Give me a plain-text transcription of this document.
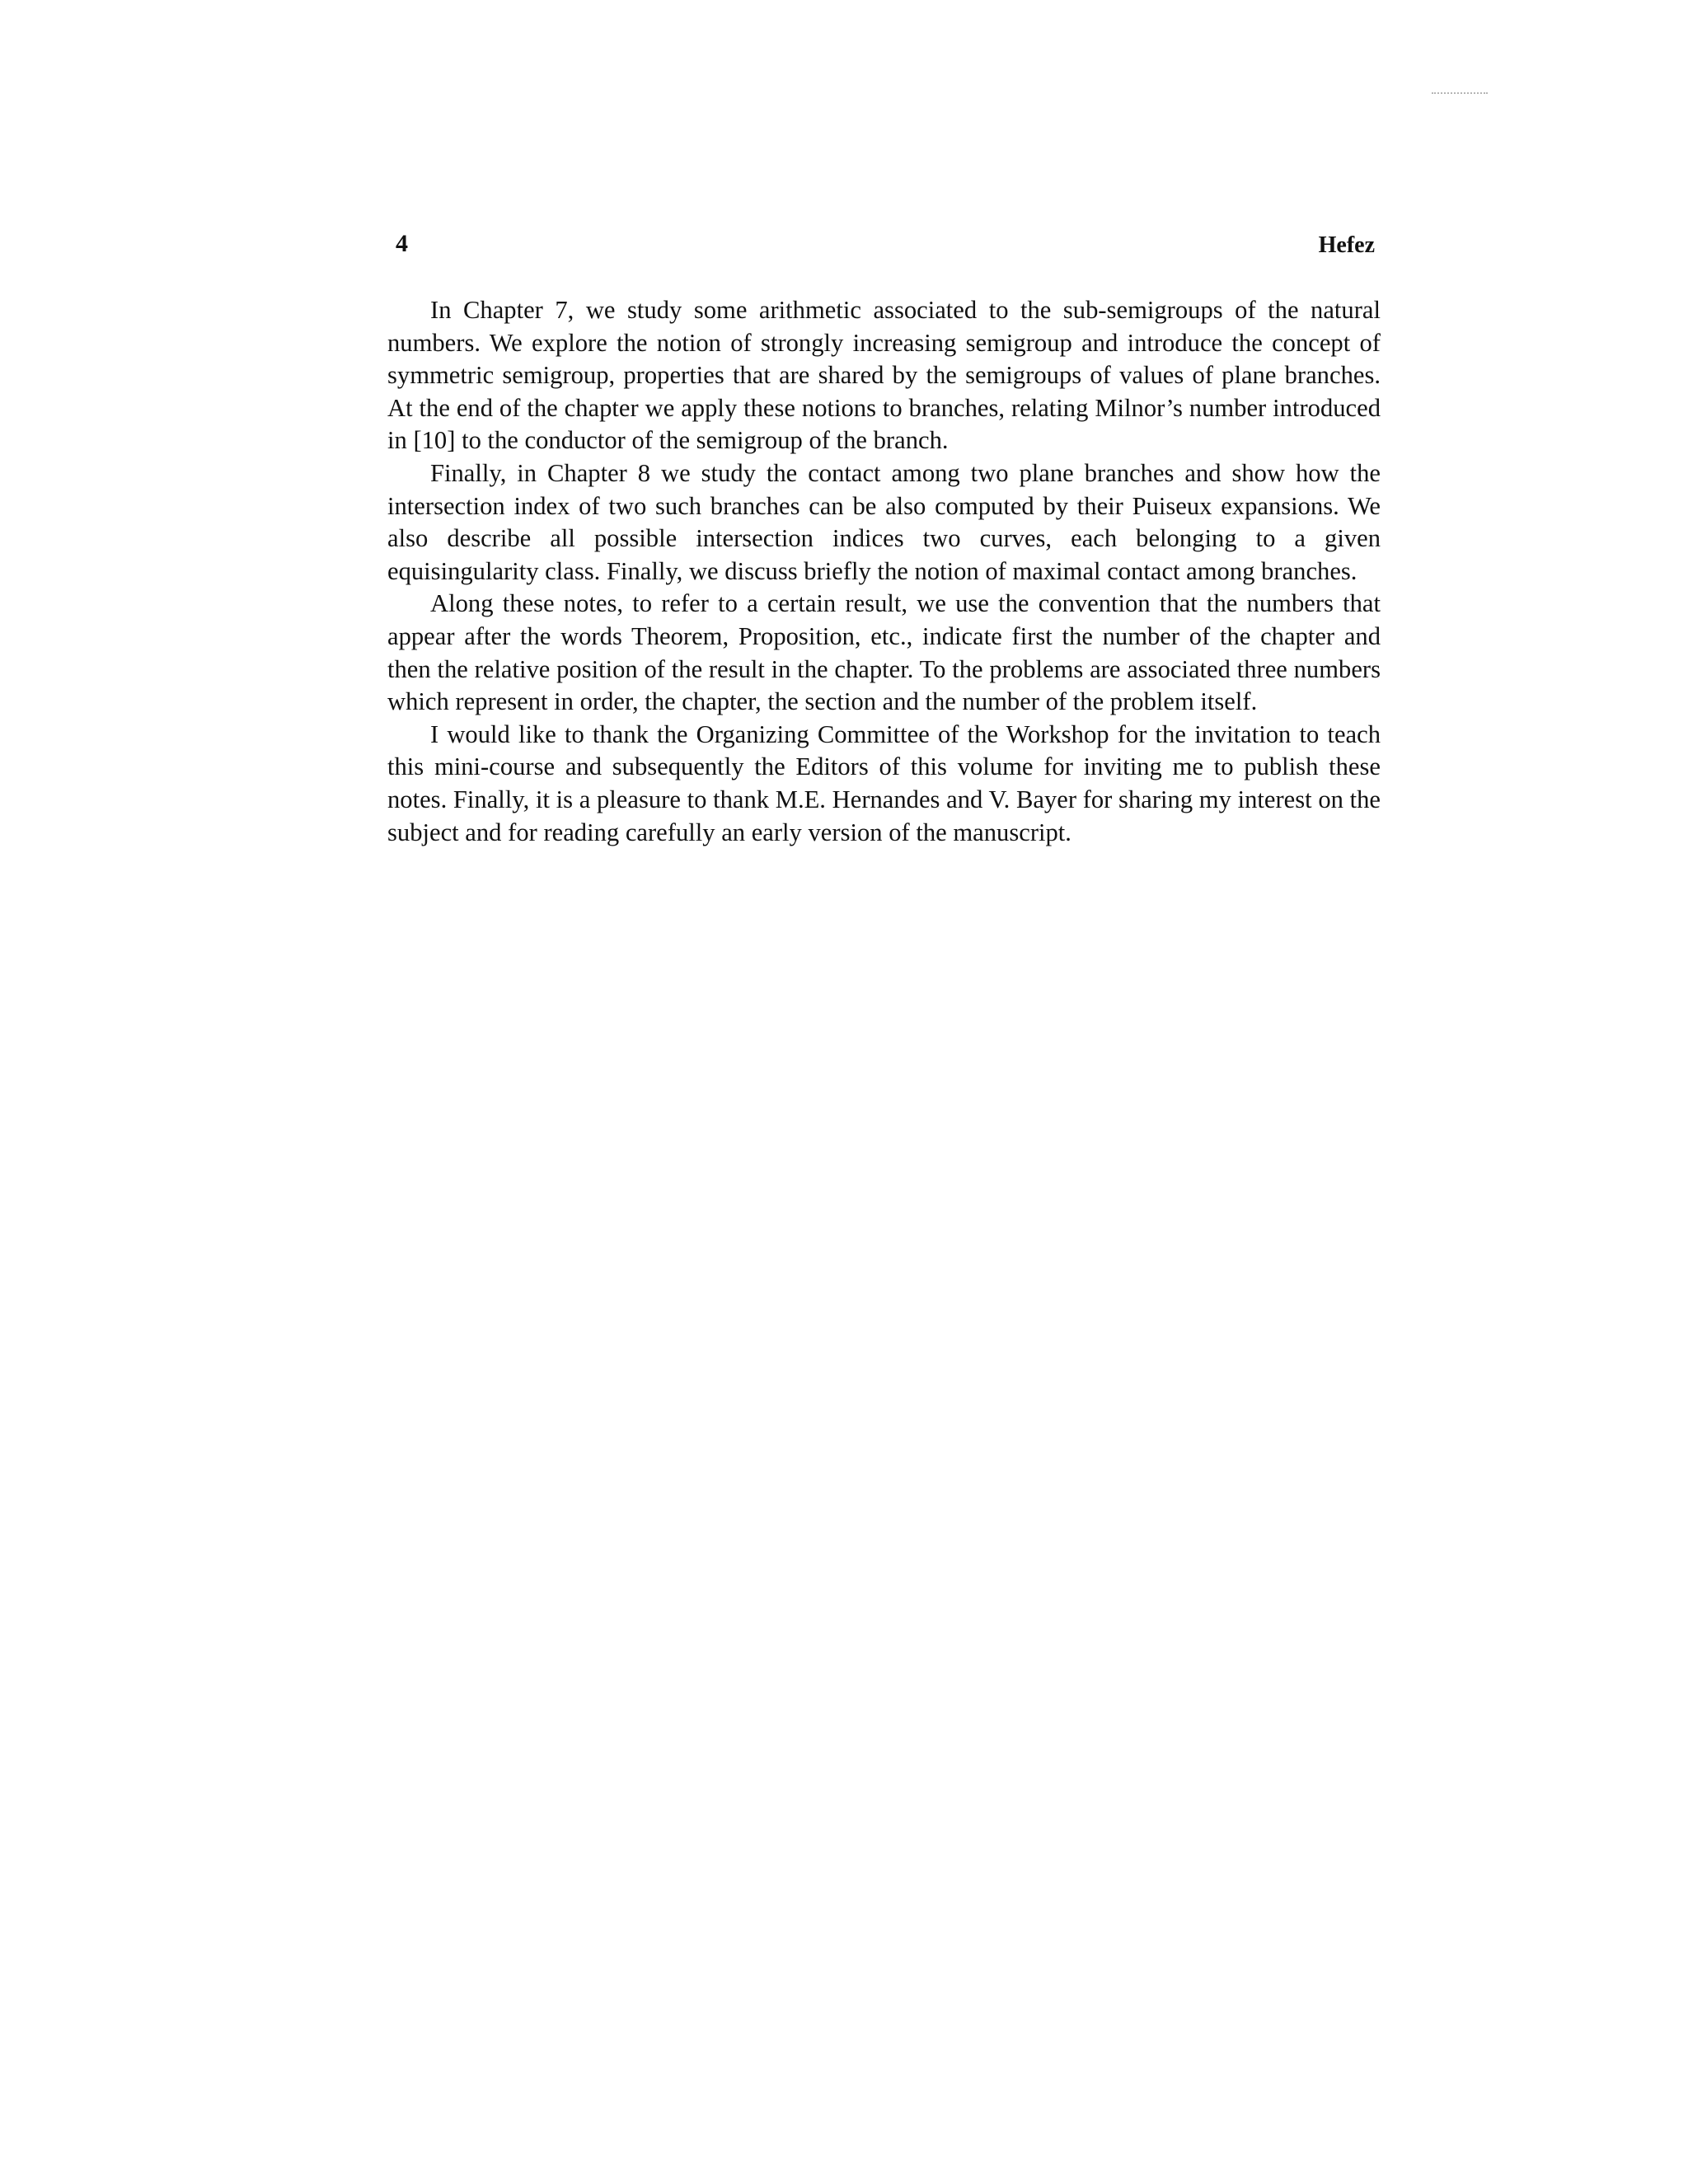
4	Hefez

In Chapter 7, we study some arithmetic associated to the sub-semigroups of the natural numbers. We explore the notion of strongly increasing semigroup and introduce the concept of symmetric semigroup, properties that are shared by the semigroups of values of plane branches. At the end of the chapter we apply these notions to branches, relating Milnor’s number introduced in [10] to the conductor of the semigroup of the branch.

Finally, in Chapter 8 we study the contact among two plane branches and show how the intersection index of two such branches can be also computed by their Puiseux expansions. We also describe all possible intersection indices two curves, each belonging to a given equisingularity class. Finally, we discuss briefly the notion of maximal contact among branches.

Along these notes, to refer to a certain result, we use the convention that the numbers that appear after the words Theorem, Proposition, etc., indicate first the number of the chapter and then the relative position of the result in the chapter. To the problems are associated three numbers which represent in order, the chapter, the section and the number of the problem itself.

I would like to thank the Organizing Committee of the Workshop for the invitation to teach this mini-course and subsequently the Editors of this volume for inviting me to publish these notes. Finally, it is a pleasure to thank M.E. Hernandes and V. Bayer for sharing my interest on the subject and for reading carefully an early version of the manuscript.
